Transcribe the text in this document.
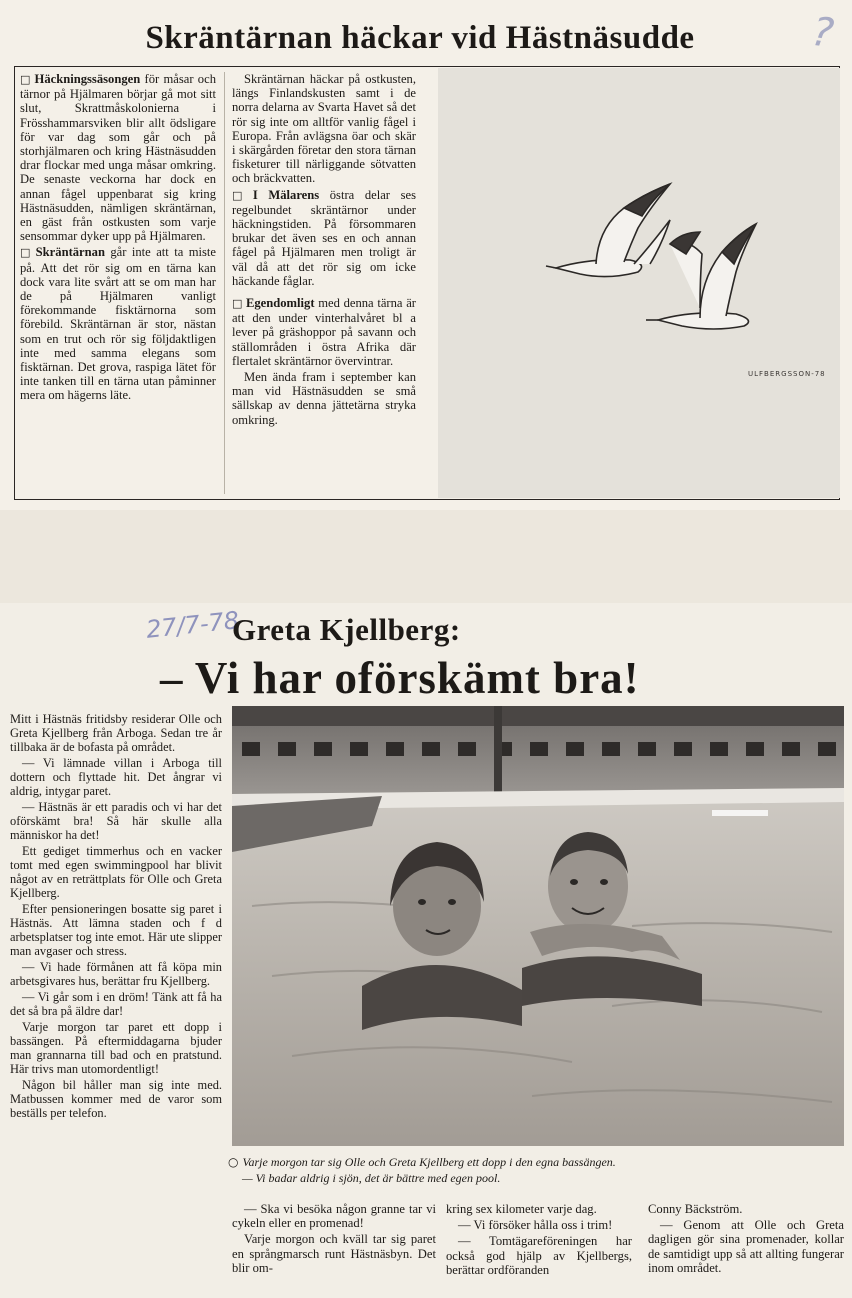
Skräntärnan häckar vid Hästnäsudde	?

□ Häckningssäsongen för måsar och tärnor på Hjälmaren börjar gå mot sitt slut, Skrattmåskolonierna i Frösshammarsviken blir allt ödsligare för var dag som går och på storhjälmaren och kring Hästnäsudden drar flockar med unga måsar omkring. De senaste veckorna har dock en annan fågel uppenbarat sig kring Hästnäsudden, nämligen skräntärnan, en gäst från ostkusten som varje sensommar dyker upp på Hjälmaren.

□ Skräntärnan går inte att ta miste på. Att det rör sig om en tärna kan dock vara lite svårt att se om man har de på Hjälmaren vanligt förekommande fisktärnorna som förebild. Skräntärnan är stor, nästan som en trut och rör sig följdaktligen inte med samma elegans som fisktärnan. Det grova, raspiga lätet för inte tanken till en tärna utan påminner mera om hägerns läte.

Skräntärnan häckar på ostkusten, längs Finlandskusten samt i de norra delarna av Svarta Havet så det rör sig inte om alltför vanlig fågel i Europa. Från avlägsna öar och skär i skärgården företar den stora tärnan fisketurer till närliggande sötvatten och bräckvatten.

□ I Mälarens östra delar ses regelbundet skräntärnor under häckningstiden. På försommaren brukar det även ses en och annan fågel på Hjälmaren men troligt är väl då att det rör sig om icke häckande fåglar.

□ Egendomligt med denna tärna är att den under vinterhalvåret bl a lever på gräshoppor på savann och ställområden i östra Afrika där flertalet skräntärnor övervintrar.

Men ända fram i september kan man vid Hästnäsudden se små sällskap av denna jättetärna stryka omkring.

ULFBERGSSON-78
27/7-78
Greta Kjellberg:
– Vi har oförskämt bra!

Mitt i Hästnäs fritidsby residerar Olle och Greta Kjellberg från Arboga. Sedan tre år tillbaka är de bofasta på området.

— Vi lämnade villan i Arboga till dottern och flyttade hit. Det ångrar vi aldrig, intygar paret.

— Hästnäs är ett paradis och vi har det oförskämt bra! Så här skulle alla människor ha det!

Ett gediget timmerhus och en vacker tomt med egen swimmingpool har blivit något av en reträttplats för Olle och Greta Kjellberg.

Efter pensioneringen bosatte sig paret i Hästnäs. Att lämna staden och f d arbetsplatser tog inte emot. Här ute slipper man avgaser och stress.

— Vi hade förmånen att få köpa min arbetsgivares hus, berättar fru Kjellberg.

— Vi går som i en dröm! Tänk att få ha det så bra på äldre dar!

Varje morgon tar paret ett dopp i bassängen. På eftermiddagarna bjuder man grannarna till bad och en pratstund. Här trivs man utomordentligt!

Någon bil håller man sig inte med. Matbussen kommer med de varor som beställs per telefon.

○ Varje morgon tar sig Olle och Greta Kjellberg ett dopp i den egna bassängen.
— Vi badar aldrig i sjön, det är bättre med egen pool.

— Ska vi besöka någon granne tar vi cykeln eller en promenad!

Varje morgon och kväll tar sig paret en språngmarsch runt Hästnäsbyn. Det blir om-

kring sex kilometer varje dag.

— Vi försöker hålla oss i trim!

— Tomtägareföreningen har också god hjälp av Kjellbergs, berättar ordföranden

Conny Bäckström.

— Genom att Olle och Greta dagligen gör sina promenader, kollar de samtidigt upp så att allting fungerar inom området.
